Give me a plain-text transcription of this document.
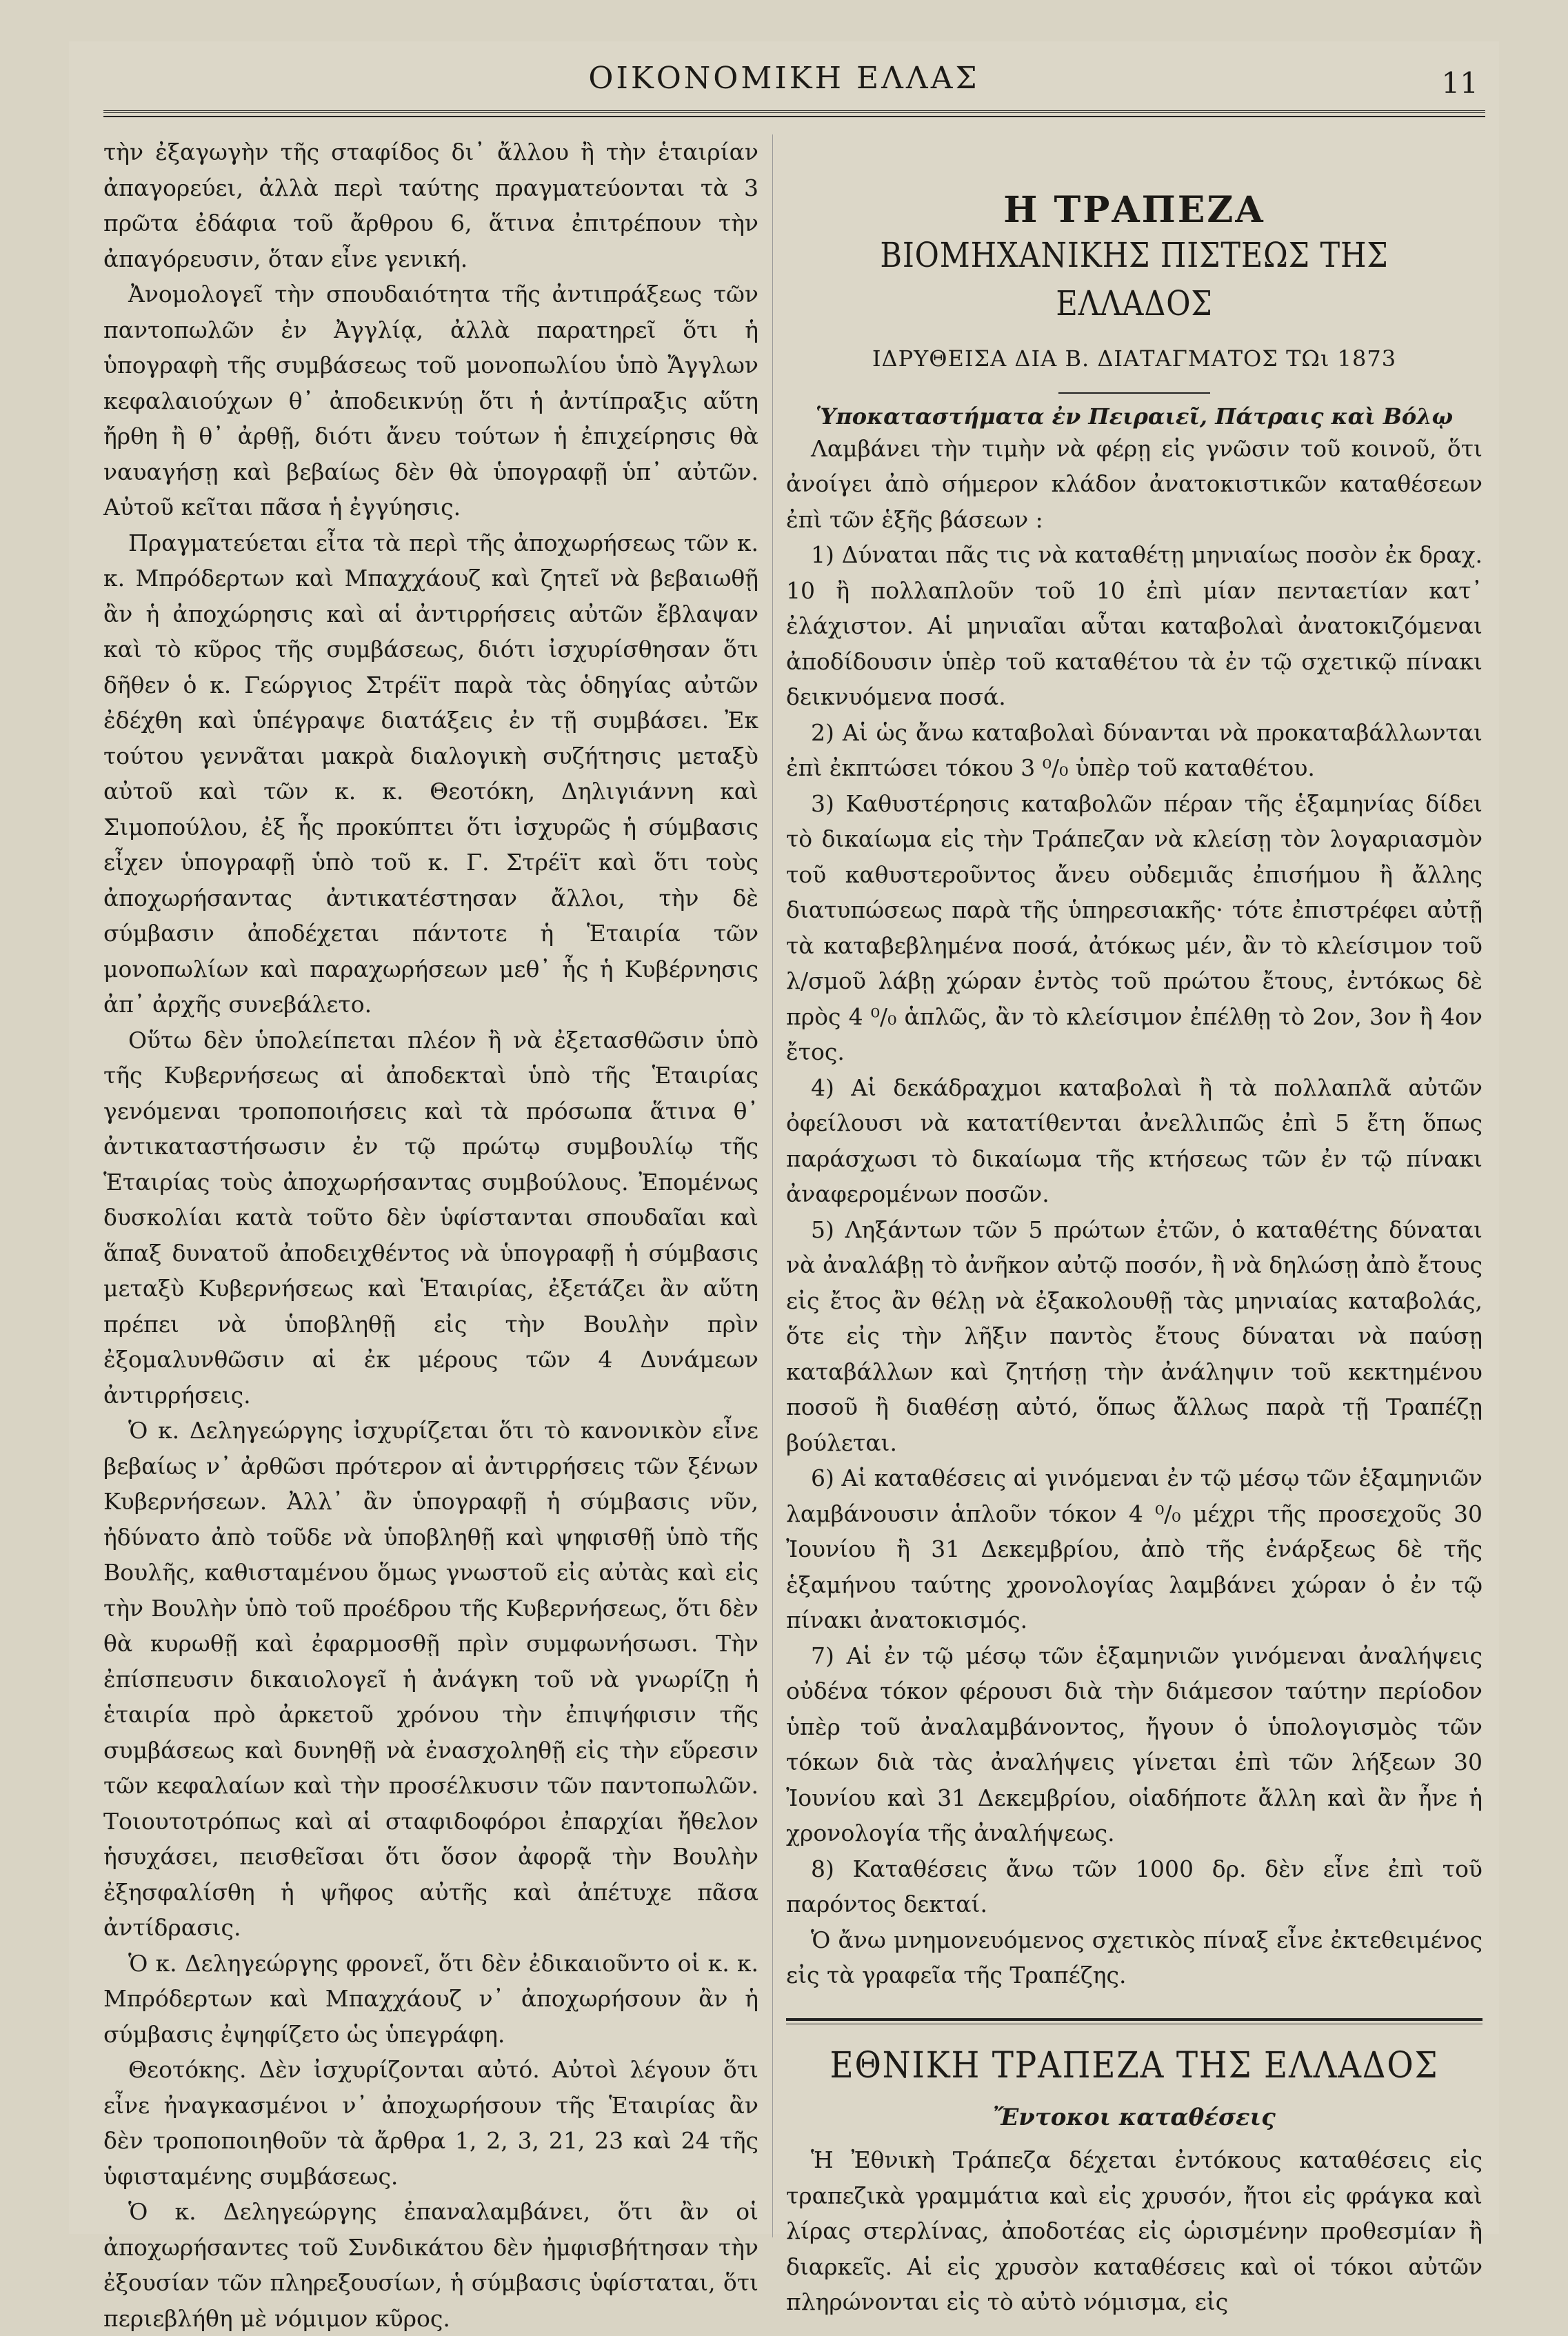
ΟΙΚΟΝΟΜΙΚΗ ΕΛΛΑΣ	11

τὴν ἐξαγωγὴν τῆς σταφίδος δι᾽ ἄλλου ἢ τὴν ἑταιρίαν ἀπαγορεύει, ἀλλὰ περὶ ταύτης πραγματεύονται τὰ 3 πρῶτα ἐδάφια τοῦ ἄρθρου 6, ἅτινα ἐπιτρέπουν τὴν ἀπαγόρευσιν, ὅταν εἶνε γενική.

Ἀνομολογεῖ τὴν σπουδαιότητα τῆς ἀντιπράξεως τῶν παντοπωλῶν ἐν Ἀγγλίᾳ, ἀλλὰ παρατηρεῖ ὅτι ἡ ὑπογραφὴ τῆς συμβάσεως τοῦ μονοπωλίου ὑπὸ Ἄγγλων κεφαλαιούχων θ᾽ ἀποδεικνύῃ ὅτι ἡ ἀντίπραξις αὕτη ἤρθη ἢ θ᾽ ἀρθῇ, διότι ἄνευ τούτων ἡ ἐπιχείρησις θὰ ναυαγήσῃ καὶ βεβαίως δὲν θὰ ὑπογραφῇ ὑπ᾽ αὐτῶν. Αὐτοῦ κεῖται πᾶσα ἡ ἐγγύησις.

Πραγματεύεται εἶτα τὰ περὶ τῆς ἀποχωρήσεως τῶν κ. κ. Μπρόδερτων καὶ Μπαχχάουζ καὶ ζητεῖ νὰ βεβαιωθῇ ἂν ἡ ἀποχώρησις καὶ αἱ ἀντιρρήσεις αὐτῶν ἔβλαψαν καὶ τὸ κῦρος τῆς συμβάσεως, διότι ἰσχυρίσθησαν ὅτι δῆθεν ὁ κ. Γεώργιος Στρέϊτ παρὰ τὰς ὁδηγίας αὐτῶν ἐδέχθη καὶ ὑπέγραψε διατάξεις ἐν τῇ συμβάσει. Ἐκ τούτου γεννᾶται μακρὰ διαλογικὴ συζήτησις μεταξὺ αὐτοῦ καὶ τῶν κ. κ. Θεοτόκη, Δηλιγιάννη καὶ Σιμοπούλου, ἐξ ἧς προκύπτει ὅτι ἰσχυρῶς ἡ σύμβασις εἶχεν ὑπογραφῇ ὑπὸ τοῦ κ. Γ. Στρέϊτ καὶ ὅτι τοὺς ἀποχωρήσαντας ἀντικατέστησαν ἄλλοι, τὴν δὲ σύμβασιν ἀποδέχεται πάντοτε ἡ Ἑταιρία τῶν μονοπωλίων καὶ παραχωρήσεων μεθ᾽ ἧς ἡ Κυβέρνησις ἀπ᾽ ἀρχῆς συνεβάλετο.

Οὕτω δὲν ὑπολείπεται πλέον ἢ νὰ ἐξετασθῶσιν ὑπὸ τῆς Κυβερνήσεως αἱ ἀποδεκταὶ ὑπὸ τῆς Ἑταιρίας γενόμεναι τροποποιήσεις καὶ τὰ πρόσωπα ἅτινα θ᾽ ἀντικαταστήσωσιν ἐν τῷ πρώτῳ συμβουλίῳ τῆς Ἑταιρίας τοὺς ἀποχωρήσαντας συμβούλους. Ἐπομένως δυσκολίαι κατὰ τοῦτο δὲν ὑφίστανται σπουδαῖαι καὶ ἅπαξ δυνατοῦ ἀποδειχθέντος νὰ ὑπογραφῇ ἡ σύμβασις μεταξὺ Κυβερνήσεως καὶ Ἑταιρίας, ἐξετάζει ἂν αὕτη πρέπει νὰ ὑποβληθῇ εἰς τὴν Βουλὴν πρὶν ἐξομαλυνθῶσιν αἱ ἐκ μέρους τῶν 4 Δυνάμεων ἀντιρρήσεις.

Ὁ κ. Δεληγεώργης ἰσχυρίζεται ὅτι τὸ κανονικὸν εἶνε βεβαίως ν᾽ ἀρθῶσι πρότερον αἱ ἀντιρρήσεις τῶν ξένων Κυβερνήσεων. Ἀλλ᾽ ἂν ὑπογραφῇ ἡ σύμβασις νῦν, ἠδύνατο ἀπὸ τοῦδε νὰ ὑποβληθῇ καὶ ψηφισθῇ ὑπὸ τῆς Βουλῆς, καθισταμένου ὅμως γνωστοῦ εἰς αὐτὰς καὶ εἰς τὴν Βουλὴν ὑπὸ τοῦ προέδρου τῆς Κυβερνήσεως, ὅτι δὲν θὰ κυρωθῇ καὶ ἐφαρμοσθῇ πρὶν συμφωνήσωσι. Τὴν ἐπίσπευσιν δικαιολογεῖ ἡ ἀνάγκη τοῦ νὰ γνωρίζῃ ἡ ἑταιρία πρὸ ἀρκετοῦ χρόνου τὴν ἐπιψήφισιν τῆς συμβάσεως καὶ δυνηθῇ νὰ ἐνασχοληθῇ εἰς τὴν εὕρεσιν τῶν κεφαλαίων καὶ τὴν προσέλκυσιν τῶν παντοπωλῶν. Τοιουτοτρόπως καὶ αἱ σταφιδοφόροι ἐπαρχίαι ἤθελον ἡσυχάσει, πεισθεῖσαι ὅτι ὅσον ἀφορᾷ τὴν Βουλὴν ἐξησφαλίσθη ἡ ψῆφος αὐτῆς καὶ ἀπέτυχε πᾶσα ἀντίδρασις.

Ὁ κ. Δεληγεώργης φρονεῖ, ὅτι δὲν ἐδικαιοῦντο οἱ κ. κ. Μπρόδερτων καὶ Μπαχχάουζ ν᾽ ἀποχωρήσουν ἂν ἡ σύμβασις ἐψηφίζετο ὡς ὑπεγράφη.

Θεοτόκης. Δὲν ἰσχυρίζονται αὐτό. Αὐτοὶ λέγουν ὅτι εἶνε ἠναγκασμένοι ν᾽ ἀποχωρήσουν τῆς Ἑταιρίας ἂν δὲν τροποποιηθοῦν τὰ ἄρθρα 1, 2, 3, 21, 23 καὶ 24 τῆς ὑφισταμένης συμβάσεως.

Ὁ κ. Δεληγεώργης ἐπαναλαμβάνει, ὅτι ἂν οἱ ἀποχωρήσαντες τοῦ Συνδικάτου δὲν ἠμφισβήτησαν τὴν ἐξουσίαν τῶν πληρεξουσίων, ἡ σύμβασις ὑφίσταται, ὅτι περιεβλήθη μὲ νόμιμον κῦρος.

Η ΤΡΑΠΕΖΑ
ΒΙΟΜΗΧΑΝΙΚΗΣ ΠΙΣΤΕΩΣ ΤΗΣ ΕΛΛΑΔΟΣ
ΙΔΡΥΘΕΙΣΑ ΔΙΑ Β. ΔΙΑΤΑΓΜΑΤΟΣ ΤΩι 1873
Ὑποκαταστήματα ἐν Πειραιεῖ, Πάτραις καὶ Βόλῳ

Λαμβάνει τὴν τιμὴν νὰ φέρῃ εἰς γνῶσιν τοῦ κοινοῦ, ὅτι ἀνοίγει ἀπὸ σήμερον κλάδον ἀνατοκιστικῶν καταθέσεων ἐπὶ τῶν ἑξῆς βάσεων :

1) Δύναται πᾶς τις νὰ καταθέτῃ μηνιαίως ποσὸν ἐκ δραχ. 10 ἢ πολλαπλοῦν τοῦ 10 ἐπὶ μίαν πενταετίαν κατ᾽ ἐλάχιστον. Αἱ μηνιαῖαι αὗται καταβολαὶ ἀνατοκιζόμεναι ἀποδίδουσιν ὑπὲρ τοῦ καταθέτου τὰ ἐν τῷ σχετικῷ πίνακι δεικνυόμενα ποσά.

2) Αἱ ὡς ἄνω καταβολαὶ δύνανται νὰ προκαταβάλλωνται ἐπὶ ἐκπτώσει τόκου 3 ⁰/₀ ὑπὲρ τοῦ καταθέτου.

3) Καθυστέρησις καταβολῶν πέραν τῆς ἑξαμηνίας δίδει τὸ δικαίωμα εἰς τὴν Τράπεζαν νὰ κλείσῃ τὸν λογαριασμὸν τοῦ καθυστεροῦντος ἄνευ οὐδεμιᾶς ἐπισήμου ἢ ἄλλης διατυπώσεως παρὰ τῆς ὑπηρεσιακῆς· τότε ἐπιστρέφει αὐτῇ τὰ καταβεβλημένα ποσά, ἀτόκως μέν, ἂν τὸ κλείσιμον τοῦ λ/σμοῦ λάβῃ χώραν ἐντὸς τοῦ πρώτου ἔτους, ἐντόκως δὲ πρὸς 4 ⁰/₀ ἁπλῶς, ἂν τὸ κλείσιμον ἐπέλθῃ τὸ 2ον, 3ον ἢ 4ον ἔτος.

4) Αἱ δεκάδραχμοι καταβολαὶ ἢ τὰ πολλαπλᾶ αὐτῶν ὀφείλουσι νὰ κατατίθενται ἀνελλιπῶς ἐπὶ 5 ἔτη ὅπως παράσχωσι τὸ δικαίωμα τῆς κτήσεως τῶν ἐν τῷ πίνακι ἀναφερομένων ποσῶν.

5) Ληξάντων τῶν 5 πρώτων ἐτῶν, ὁ καταθέτης δύναται νὰ ἀναλάβῃ τὸ ἀνῆκον αὐτῷ ποσόν, ἢ νὰ δηλώσῃ ἀπὸ ἔτους εἰς ἔτος ἂν θέλῃ νὰ ἐξακολουθῇ τὰς μηνιαίας καταβολάς, ὅτε εἰς τὴν λῆξιν παντὸς ἔτους δύναται νὰ παύσῃ καταβάλλων καὶ ζητήσῃ τὴν ἀνάληψιν τοῦ κεκτημένου ποσοῦ ἢ διαθέσῃ αὐτό, ὅπως ἄλλως παρὰ τῇ Τραπέζῃ βούλεται.

6) Αἱ καταθέσεις αἱ γινόμεναι ἐν τῷ μέσῳ τῶν ἑξαμηνιῶν λαμβάνουσιν ἁπλοῦν τόκον 4 ⁰/₀ μέχρι τῆς προσεχοῦς 30 Ἰουνίου ἢ 31 Δεκεμβρίου, ἀπὸ τῆς ἐνάρξεως δὲ τῆς ἑξαμήνου ταύτης χρονολογίας λαμβάνει χώραν ὁ ἐν τῷ πίνακι ἀνατοκισμός.

7) Αἱ ἐν τῷ μέσῳ τῶν ἑξαμηνιῶν γινόμεναι ἀναλήψεις οὐδένα τόκον φέρουσι διὰ τὴν διάμεσον ταύτην περίοδον ὑπὲρ τοῦ ἀναλαμβάνοντος, ἤγουν ὁ ὑπολογισμὸς τῶν τόκων διὰ τὰς ἀναλήψεις γίνεται ἐπὶ τῶν λήξεων 30 Ἰουνίου καὶ 31 Δεκεμβρίου, οἱαδήποτε ἄλλη καὶ ἂν ἦνε ἡ χρονολογία τῆς ἀναλήψεως.

8) Καταθέσεις ἄνω τῶν 1000 δρ. δὲν εἶνε ἐπὶ τοῦ παρόντος δεκταί.

Ὁ ἄνω μνημονευόμενος σχετικὸς πίναξ εἶνε ἐκτεθειμένος εἰς τὰ γραφεῖα τῆς Τραπέζης.

ΕΘΝΙΚΗ ΤΡΑΠΕΖΑ ΤΗΣ ΕΛΛΑΔΟΣ
Ἔντοκοι καταθέσεις

Ἡ Ἐθνικὴ Τράπεζα δέχεται ἐντόκους καταθέσεις εἰς τραπεζικὰ γραμμάτια καὶ εἰς χρυσόν, ἤτοι εἰς φράγκα καὶ λίρας στερλίνας, ἀποδοτέας εἰς ὡρισμένην προθεσμίαν ἢ διαρκεῖς. Αἱ εἰς χρυσὸν καταθέσεις καὶ οἱ τόκοι αὐτῶν πληρώνονται εἰς τὸ αὐτὸ νόμισμα, εἰς
